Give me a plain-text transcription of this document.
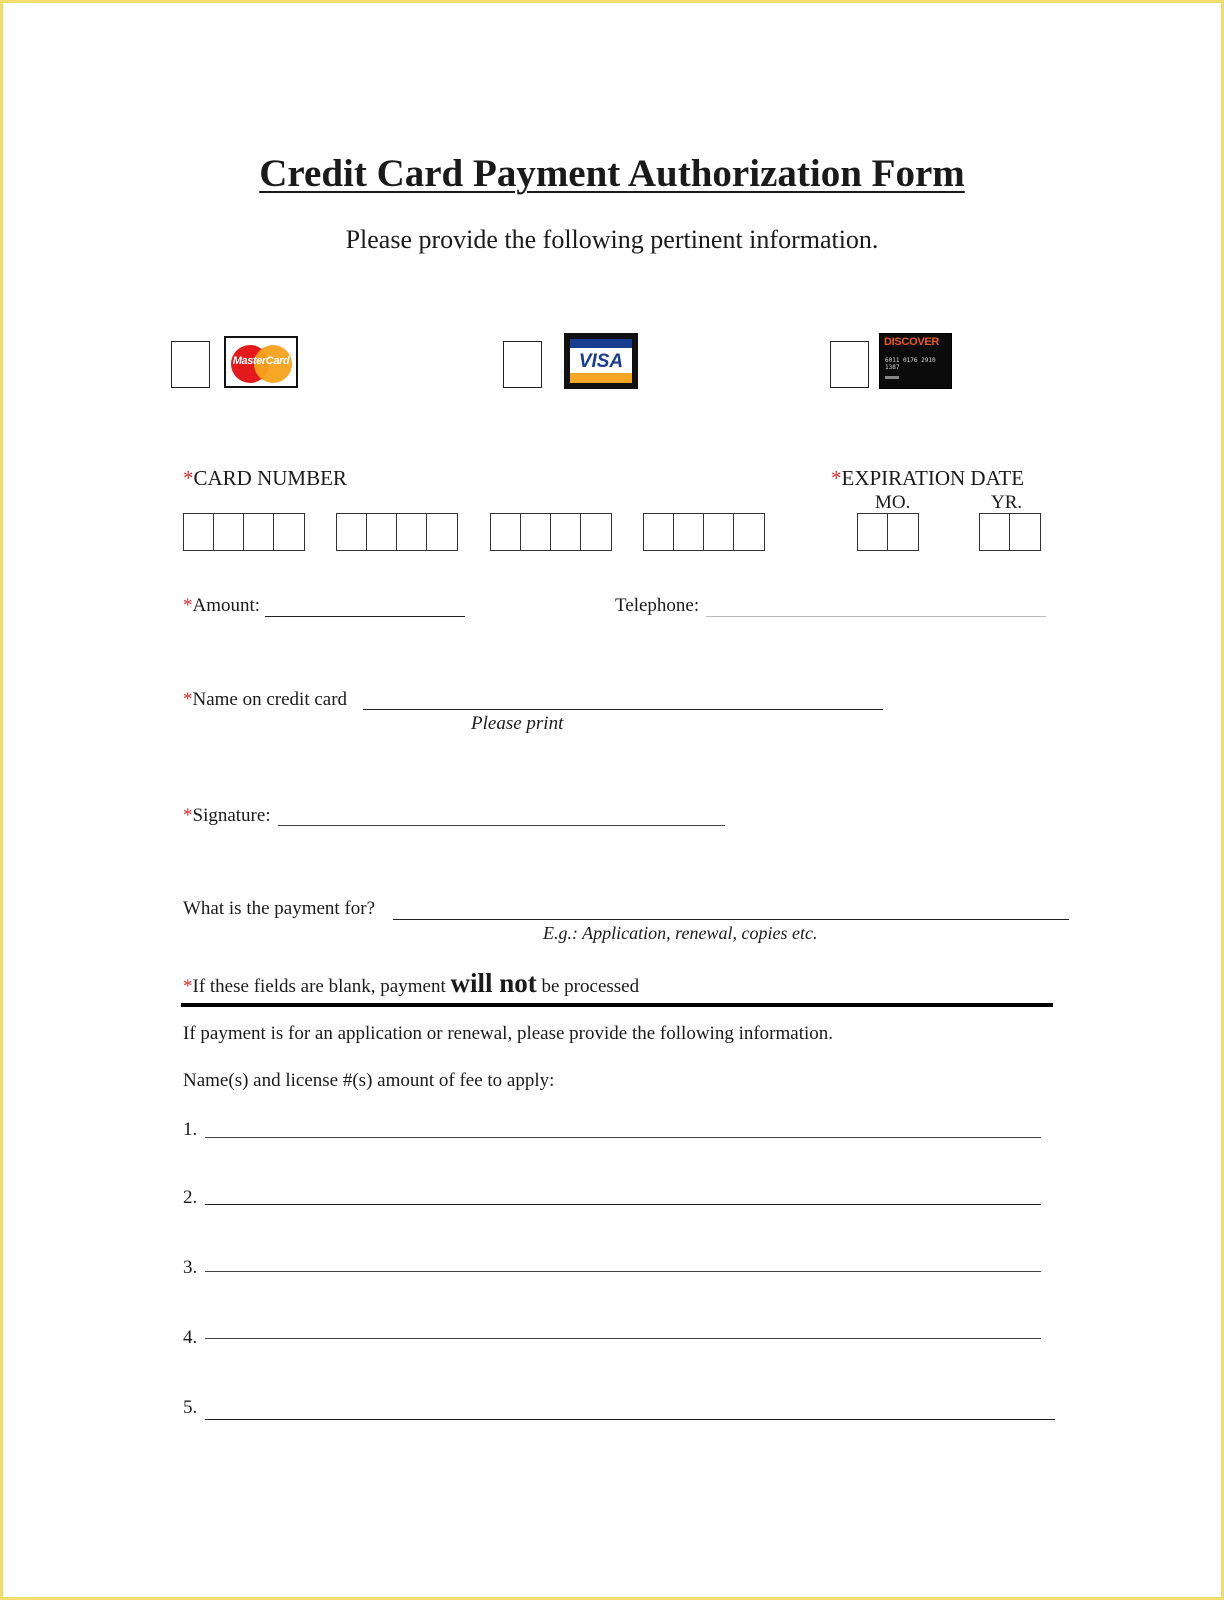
Credit Card Payment Authorization Form
Please provide the following pertinent information.
MasterCard	VISA
DISCOVER
6011 0176 2910 1387
*CARD NUMBER	*EXPIRATION DATE
MO.	YR.
*Amount:	Telephone:
*Name on credit card
Please print
*Signature:
What is the payment for?
E.g.: Application, renewal, copies etc.
*If these fields are blank, payment will not be processed
If payment is for an application or renewal, please provide the following information.
Name(s) and license #(s) amount of fee to apply:
1.
2.
3.
4.
5.
